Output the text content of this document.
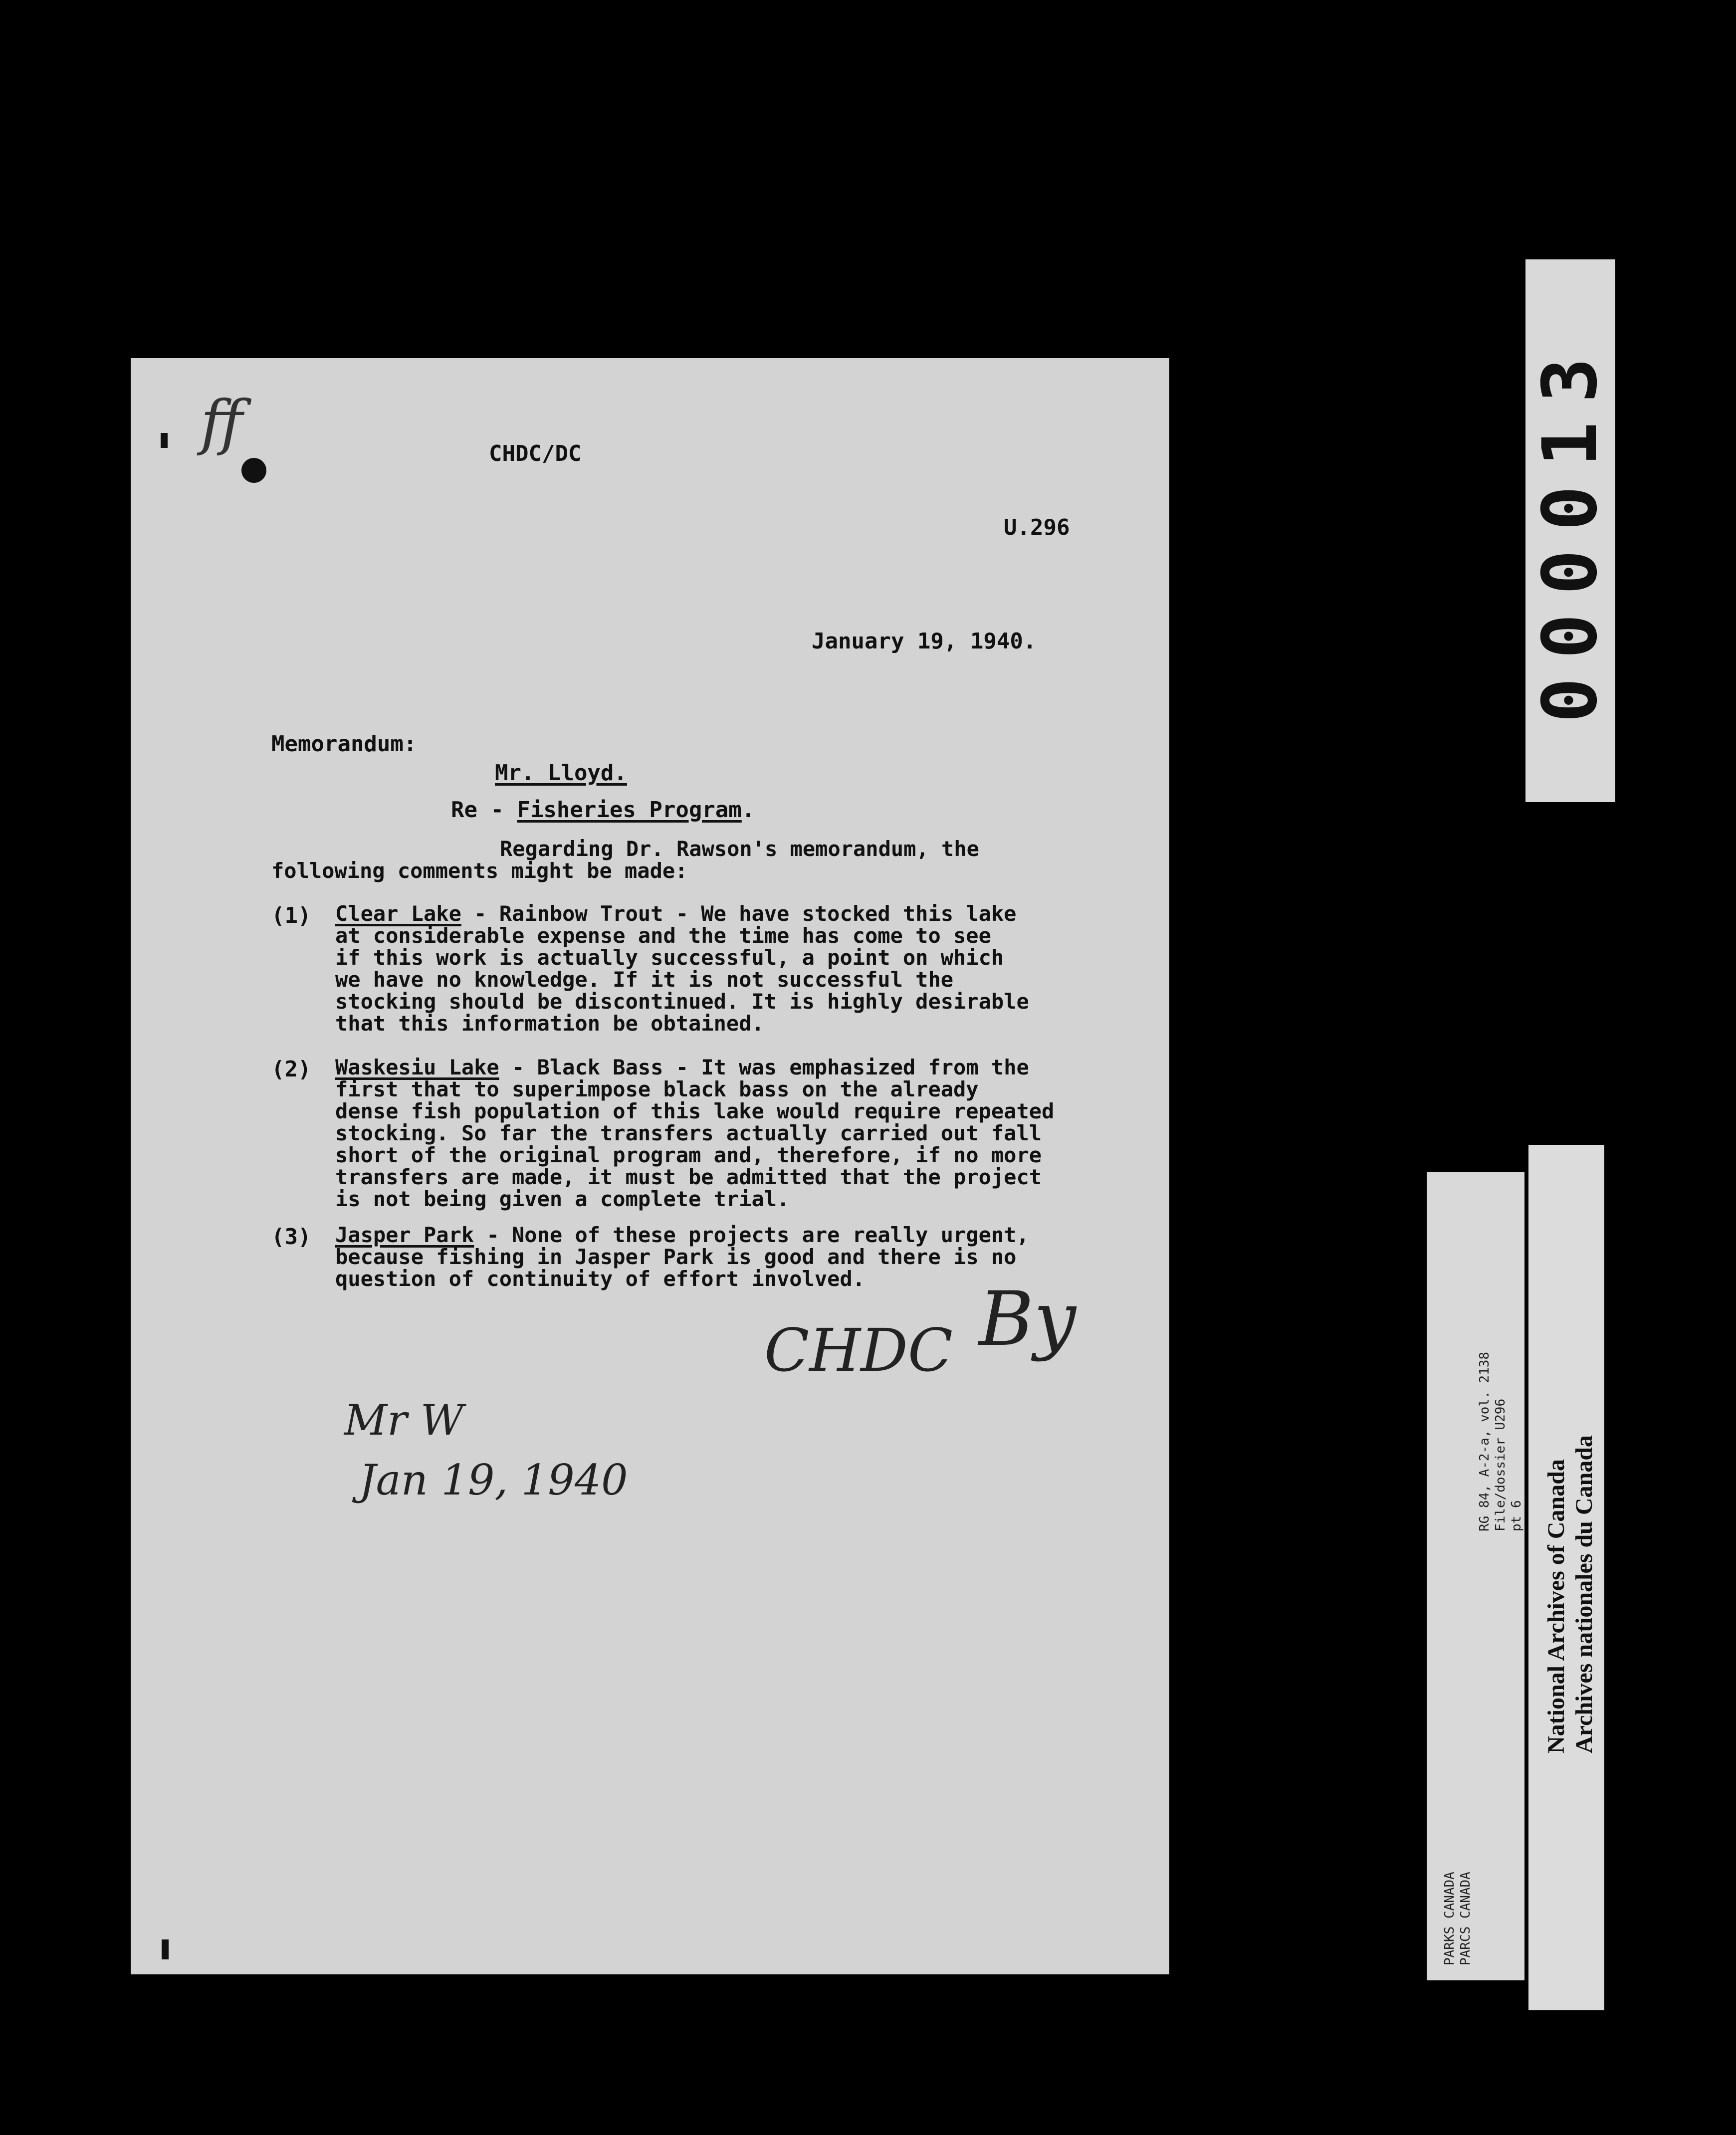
ff	CHDC/DC
U.296
January 19, 1940.
Memorandum:
Mr. Lloyd.
Re - Fisheries Program.
Regarding Dr. Rawson's memorandum, the
following comments might be made:
(1) Clear Lake - Rainbow Trout - We have stocked this lake
at considerable expense and the time has come to see
if this work is actually successful, a point on which
we have no knowledge. If it is not successful the
stocking should be discontinued. It is highly desirable
that this information be obtained.
(2) Waskesiu Lake - Black Bass - It was emphasized from the
first that to superimpose black bass on the already
dense fish population of this lake would require repeated
stocking. So far the transfers actually carried out fall
short of the original program and, therefore, if no more
transfers are made, it must be admitted that the project
is not being given a complete trial.
(3) Jasper Park - None of these projects are really urgent,
because fishing in Jasper Park is good and there is no
question of continuity of effort involved.
CHDC By
Mr W
Jan 19, 1940
000013
RG 84, A-2-a, vol. 2138 File/dossier U296 pt 6
PARKS CANADA PARCS CANADA
National Archives of Canada Archives nationales du Canada
